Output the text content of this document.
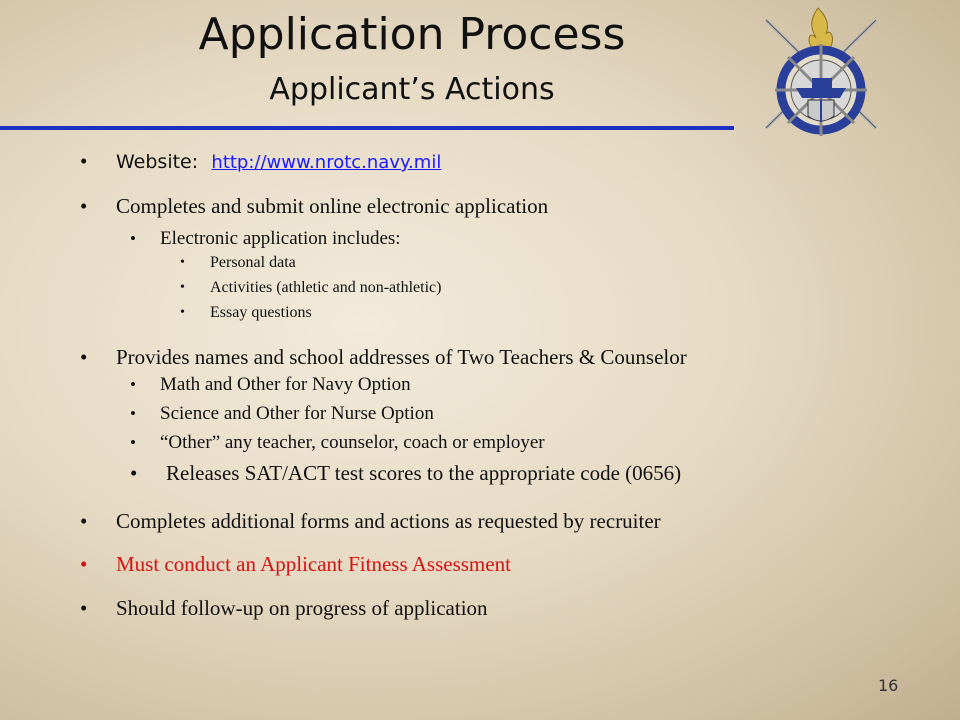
Application Process
Applicant’s Actions
• Website: http://www.nrotc.navy.mil
• Completes and submit online electronic application
• Electronic application includes:
• Personal data
• Activities (athletic and non-athletic)
• Essay questions
• Provides names and school addresses of Two Teachers & Counselor
• Math and Other for Navy Option
• Science and Other for Nurse Option
• “Other” any teacher, counselor, coach or employer
• Releases SAT/ACT test scores to the appropriate code (0656)
• Completes additional forms and actions as requested by recruiter
• Must conduct an Applicant Fitness Assessment
• Should follow-up on progress of application
16
